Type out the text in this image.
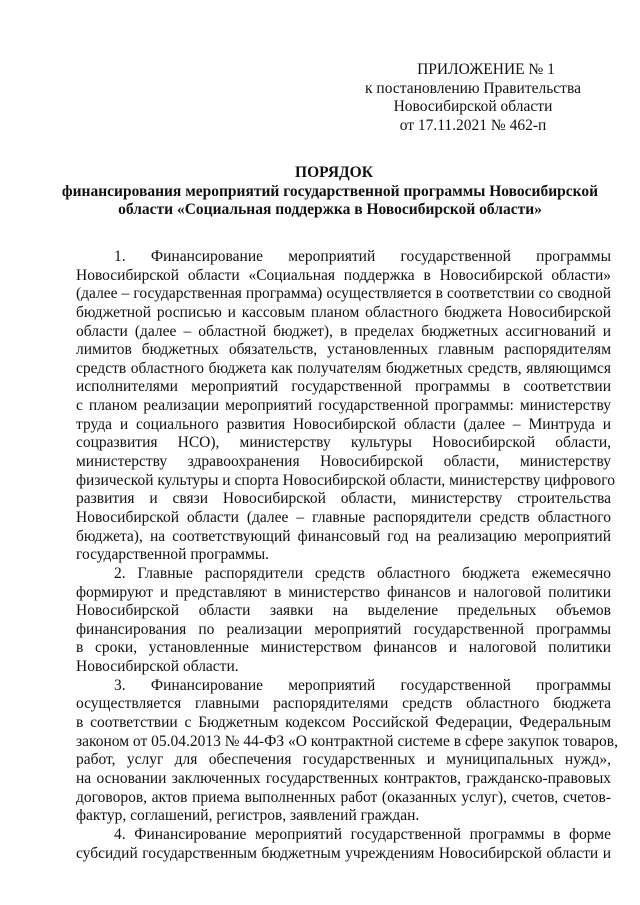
ПРИЛОЖЕНИЕ № 1
к постановлению Правительства
Новосибирской области
от 17.11.2021 № 462-п
ПОРЯДОК
финансирования мероприятий государственной программы Новосибирской
области «Социальная поддержка в Новосибирской области»
1. Финансирование мероприятий государственной программы
Новосибирской области «Социальная поддержка в Новосибирской области»
(далее – государственная программа) осуществляется в соответствии со сводной
бюджетной росписью и кассовым планом областного бюджета Новосибирской
области (далее – областной бюджет), в пределах бюджетных ассигнований и
лимитов бюджетных обязательств, установленных главным распорядителям
средств областного бюджета как получателям бюджетных средств, являющимся
исполнителями мероприятий государственной программы в соответствии
с планом реализации мероприятий государственной программы: министерству
труда и социального развития Новосибирской области (далее – Минтруда и
соцразвития НСО), министерству культуры Новосибирской области,
министерству здравоохранения Новосибирской области, министерству
физической культуры и спорта Новосибирской области, министерству цифрового
развития и связи Новосибирской области, министерству строительства
Новосибирской области (далее – главные распорядители средств областного
бюджета), на соответствующий финансовый год на реализацию мероприятий
государственной программы.
2. Главные распорядители средств областного бюджета ежемесячно
формируют и представляют в министерство финансов и налоговой политики
Новосибирской области заявки на выделение предельных объемов
финансирования по реализации мероприятий государственной программы
в сроки, установленные министерством финансов и налоговой политики
Новосибирской области.
3. Финансирование мероприятий государственной программы
осуществляется главными распорядителями средств областного бюджета
в соответствии с Бюджетным кодексом Российской Федерации, Федеральным
законом от 05.04.2013 № 44-ФЗ «О контрактной системе в сфере закупок товаров,
работ, услуг для обеспечения государственных и муниципальных нужд»,
на основании заключенных государственных контрактов, гражданско-правовых
договоров, актов приема выполненных работ (оказанных услуг), счетов, счетов-
фактур, соглашений, регистров, заявлений граждан.
4. Финансирование мероприятий государственной программы в форме
субсидий государственным бюджетным учреждениям Новосибирской области и
